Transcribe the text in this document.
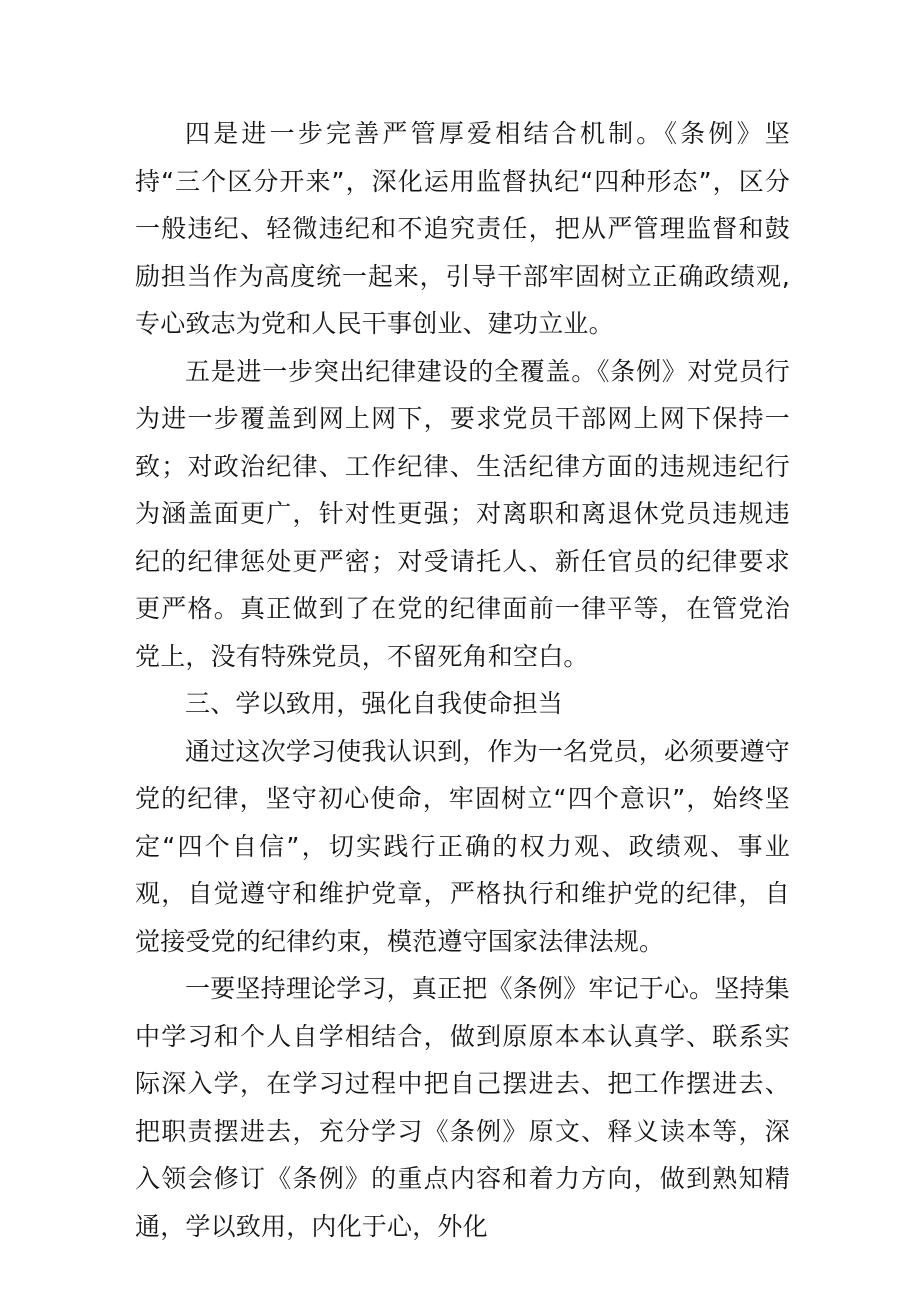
四是进一步完善严管厚爱相结合机制。《条例》坚持“三个区分开来”，深化运用监督执纪“四种形态”，区分一般违纪、轻微违纪和不追究责任，把从严管理监督和鼓励担当作为高度统一起来，引导干部牢固树立正确政绩观,专心致志为党和人民干事创业、建功立业。

五是进一步突出纪律建设的全覆盖。《条例》对党员行为进一步覆盖到网上网下，要求党员干部网上网下保持一致；对政治纪律、工作纪律、生活纪律方面的违规违纪行为涵盖面更广，针对性更强；对离职和离退休党员违规违纪的纪律惩处更严密；对受请托人、新任官员的纪律要求更严格。真正做到了在党的纪律面前一律平等，在管党治党上，没有特殊党员，不留死角和空白。

三、学以致用，强化自我使命担当

通过这次学习使我认识到，作为一名党员，必须要遵守党的纪律，坚守初心使命，牢固树立“四个意识”，始终坚定“四个自信”，切实践行正确的权力观、政绩观、事业观，自觉遵守和维护党章，严格执行和维护党的纪律，自觉接受党的纪律约束，模范遵守国家法律法规。

一要坚持理论学习，真正把《条例》牢记于心。坚持集中学习和个人自学相结合，做到原原本本认真学、联系实际深入学，在学习过程中把自己摆进去、把工作摆进去、把职责摆进去，充分学习《条例》原文、释义读本等，深入领会修订《条例》的重点内容和着力方向，做到熟知精通，学以致用，内化于心，外化
